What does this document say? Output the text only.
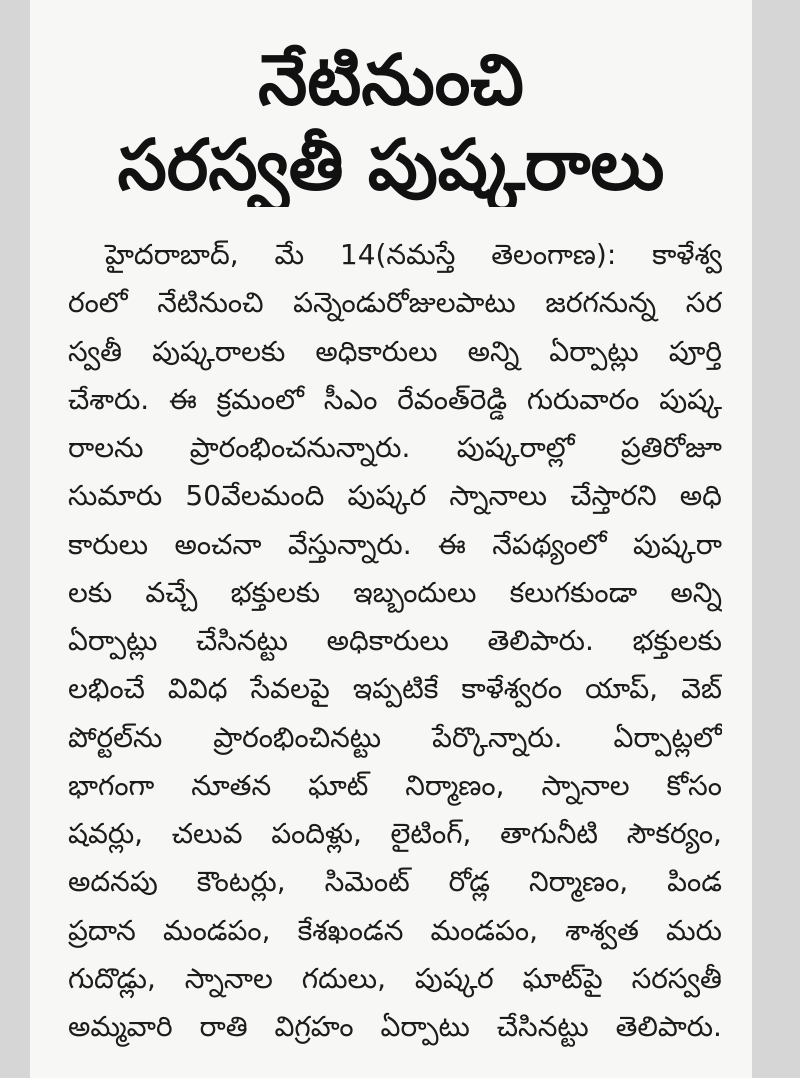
నేటినుంచి
సరస్వతీ పుష్కరాలు
హైదరాబాద్, మే 14(నమస్తే తెలంగాణ): కాళేశ్వ
రంలో నేటినుంచి పన్నెండురోజులపాటు జరగనున్న సర
స్వతీ పుష్కరాలకు అధికారులు అన్ని ఏర్పాట్లు పూర్తి
చేశారు. ఈ క్రమంలో సీఎం రేవంత్‌రెడ్డి గురువారం పుష్క
రాలను ప్రారంభించనున్నారు. పుష్కరాల్లో ప్రతిరోజూ
సుమారు 50వేలమంది పుష్కర స్నానాలు చేస్తారని అధి
కారులు అంచనా వేస్తున్నారు. ఈ నేపథ్యంలో పుష్కరా
లకు వచ్చే భక్తులకు ఇబ్బందులు కలుగకుండా అన్ని
ఏర్పాట్లు చేసినట్టు అధికారులు తెలిపారు. భక్తులకు
లభించే వివిధ సేవలపై ఇప్పటికే కాళేశ్వరం యాప్, వెబ్
పోర్టల్‌ను ప్రారంభించినట్టు పేర్కొన్నారు. ఏర్పాట్లలో
భాగంగా నూతన ఘాట్ నిర్మాణం, స్నానాల కోసం
షవర్లు, చలువ పందిళ్లు, లైటింగ్, తాగునీటి సౌకర్యం,
అదనపు కౌంటర్లు, సిమెంట్ రోడ్ల నిర్మాణం, పిండ
ప్రదాన మండపం, కేశఖండన మండపం, శాశ్వత మరు
గుదొడ్లు, స్నానాల గదులు, పుష్కర ఘాట్‌పై సరస్వతీ
అమ్మవారి రాతి విగ్రహం ఏర్పాటు చేసినట్టు తెలిపారు.
